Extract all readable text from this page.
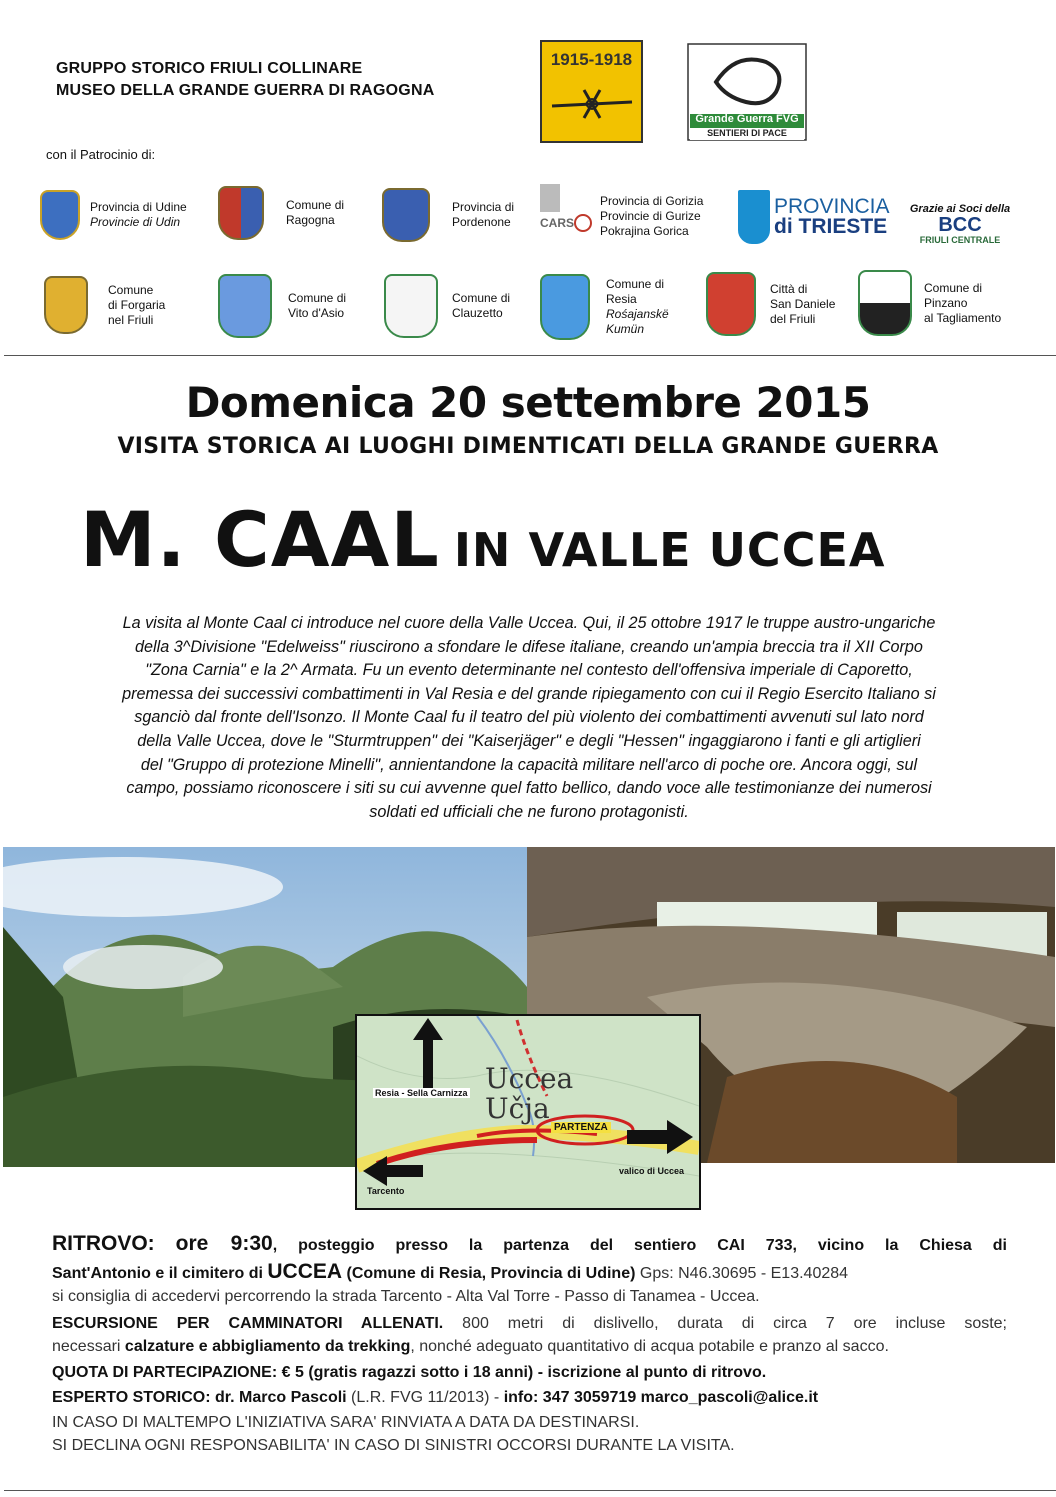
GRUPPO STORICO FRIULI COLLINARE
MUSEO DELLA GRANDE GUERRA DI RAGOGNA
con il Patrocinio di:
1915-1918
Grande Guerra FVG
SENTIERI DI PACE
Provincia di Udine
Provincie di Udin
Comune di
Ragogna
Provincia di
Pordenone CARS
Provincia di Gorizia
Provincie di Gurize
Pokrajina Gorica
PROVINCIA
di TRIESTE
Grazie ai Soci della
BCC
FRIULI CENTRALE
Comune
di Forgaria
nel Friuli
Comune di
Vito d'Asio
Comune di
Clauzetto
Comune di
Resia
Rośajanskë
Kumün
Città di
San Daniele
del Friuli
Comune di
Pinzano
al Tagliamento
Domenica 20 settembre 2015
VISITA STORICA AI LUOGHI DIMENTICATI DELLA GRANDE GUERRA
M. CAAL IN VALLE UCCEA
La visita al Monte Caal ci introduce nel cuore della Valle Uccea. Qui, il 25 ottobre 1917 le truppe austro-ungariche
della 3^Divisione "Edelweiss" riuscirono a sfondare le difese italiane, creando un'ampia breccia tra il XII Corpo
"Zona Carnia" e la 2^ Armata. Fu un evento determinante nel contesto dell'offensiva imperiale di Caporetto,
premessa dei successivi combattimenti in Val Resia e del grande ripiegamento con cui il Regio Esercito Italiano si
sganciò dal fronte dell'Isonzo. Il Monte Caal fu il teatro del più violento dei combattimenti avvenuti sul lato nord
della Valle Uccea, dove le "Sturmtruppen" dei "Kaiserjäger" e degli "Hessen" ingaggiarono i fanti e gli artiglieri
del "Gruppo di protezione Minelli", annientandone la capacità militare nell'arco di poche ore. Ancora oggi, sul
campo, possiamo riconoscere i siti su cui avvenne quel fatto bellico, dando voce alle testimonianze dei numerosi
soldati ed ufficiali che ne furono protagonisti.
Uccea
Učja
Resia - Sella Carnizza
PARTENZA
valico di Uccea
Tarcento

RITROVO: ore 9:30, posteggio presso la partenza del sentiero CAI 733, vicino la Chiesa di

Sant'Antonio e il cimitero di UCCEA (Comune di Resia, Provincia di Udine) Gps: N46.30695 - E13.40284

si consiglia di accedervi percorrendo la strada Tarcento - Alta Val Torre - Passo di Tanamea - Uccea.

ESCURSIONE PER CAMMINATORI ALLENATI. 800 metri di dislivello, durata di circa 7 ore incluse soste;

necessari calzature e abbigliamento da trekking, nonché adeguato quantitativo di acqua potabile e pranzo al sacco.

QUOTA DI PARTECIPAZIONE: € 5 (gratis ragazzi sotto i 18 anni) - iscrizione al punto di ritrovo.

ESPERTO STORICO: dr. Marco Pascoli (L.R. FVG 11/2013) - info: 347 3059719 marco_pascoli@alice.it

IN CASO DI MALTEMPO L'INIZIATIVA SARA' RINVIATA A DATA DA DESTINARSI.

SI DECLINA OGNI RESPONSABILITA' IN CASO DI SINISTRI OCCORSI DURANTE LA VISITA.
